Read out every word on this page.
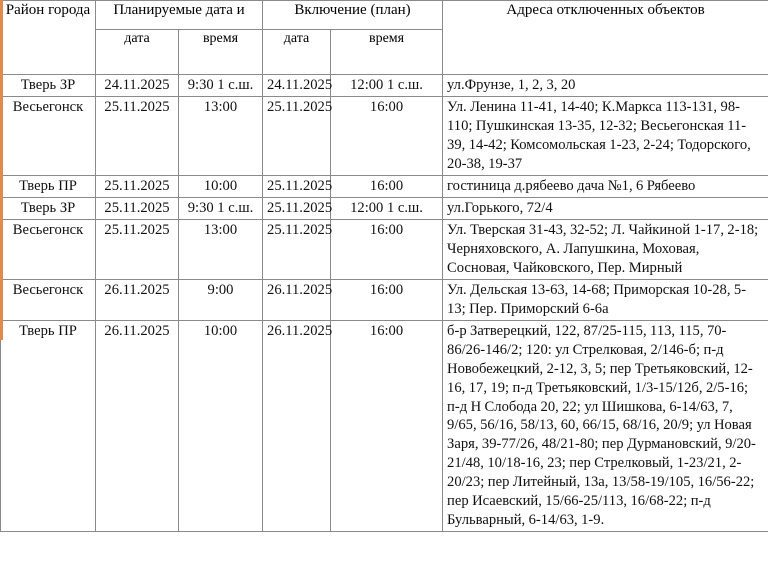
Район города	Планируемые дата и		Включение (план)		Адреса отключенных объектов
	дата	время	дата	время	
Тверь ЗР	24.11.2025	9:30 1 с.ш.	24.11.2025	12:00 1 с.ш.	ул.Фрунзе, 1, 2, 3, 20
Весьегонск	25.11.2025	13:00	25.11.2025	16:00	Ул. Ленина 11-41, 14-40; К.Маркса 113-131, 98-110; Пушкинская 13-35, 12-32; Весьегонская 11-39, 14-42; Комсомольская 1-23, 2-24; Тодорского, 20-38, 19-37
Тверь ПР	25.11.2025	10:00	25.11.2025	16:00	гостиница д.рябеево дача №1, 6 Рябеево
Тверь ЗР	25.11.2025	9:30 1 с.ш.	25.11.2025	12:00 1 с.ш.	ул.Горького, 72/4
Весьегонск	25.11.2025	13:00	25.11.2025	16:00	Ул. Тверская 31-43, 32-52; Л. Чайкиной 1-17, 2-18; Черняховского, А. Лапушкина, Моховая, Сосновая, Чайковского, Пер. Мирный
Весьегонск	26.11.2025	9:00	26.11.2025	16:00	Ул. Дельская 13-63, 14-68; Приморская 10-28, 5-13; Пер. Приморский 6-6а
Тверь ПР	26.11.2025	10:00	26.11.2025	16:00	б-р Затверецкий, 122, 87/25-115, 113, 115, 70-86/26-146/2; 120: ул Стрелковая, 2/146-б; п-д Новобежецкий, 2-12, 3, 5; пер Третьяковский, 12-16, 17, 19; п-д Третьяковский, 1/3-15/12б, 2/5-16; п-д Н Слобода 20, 22; ул Шишкова, 6-14/63, 7, 9/65, 56/16, 58/13, 60, 66/15, 68/16, 20/9; ул Новая Заря, 39-77/26, 48/21-80; пер Дурмановский, 9/20-21/48, 10/18-16, 23; пер Стрелковый, 1-23/21, 2-20/23; пер Литейный, 13а, 13/58-19/105, 16/56-22; пер Исаевский, 15/66-25/113, 16/68-22; п-д Бульварный, 6-14/63, 1-9.
